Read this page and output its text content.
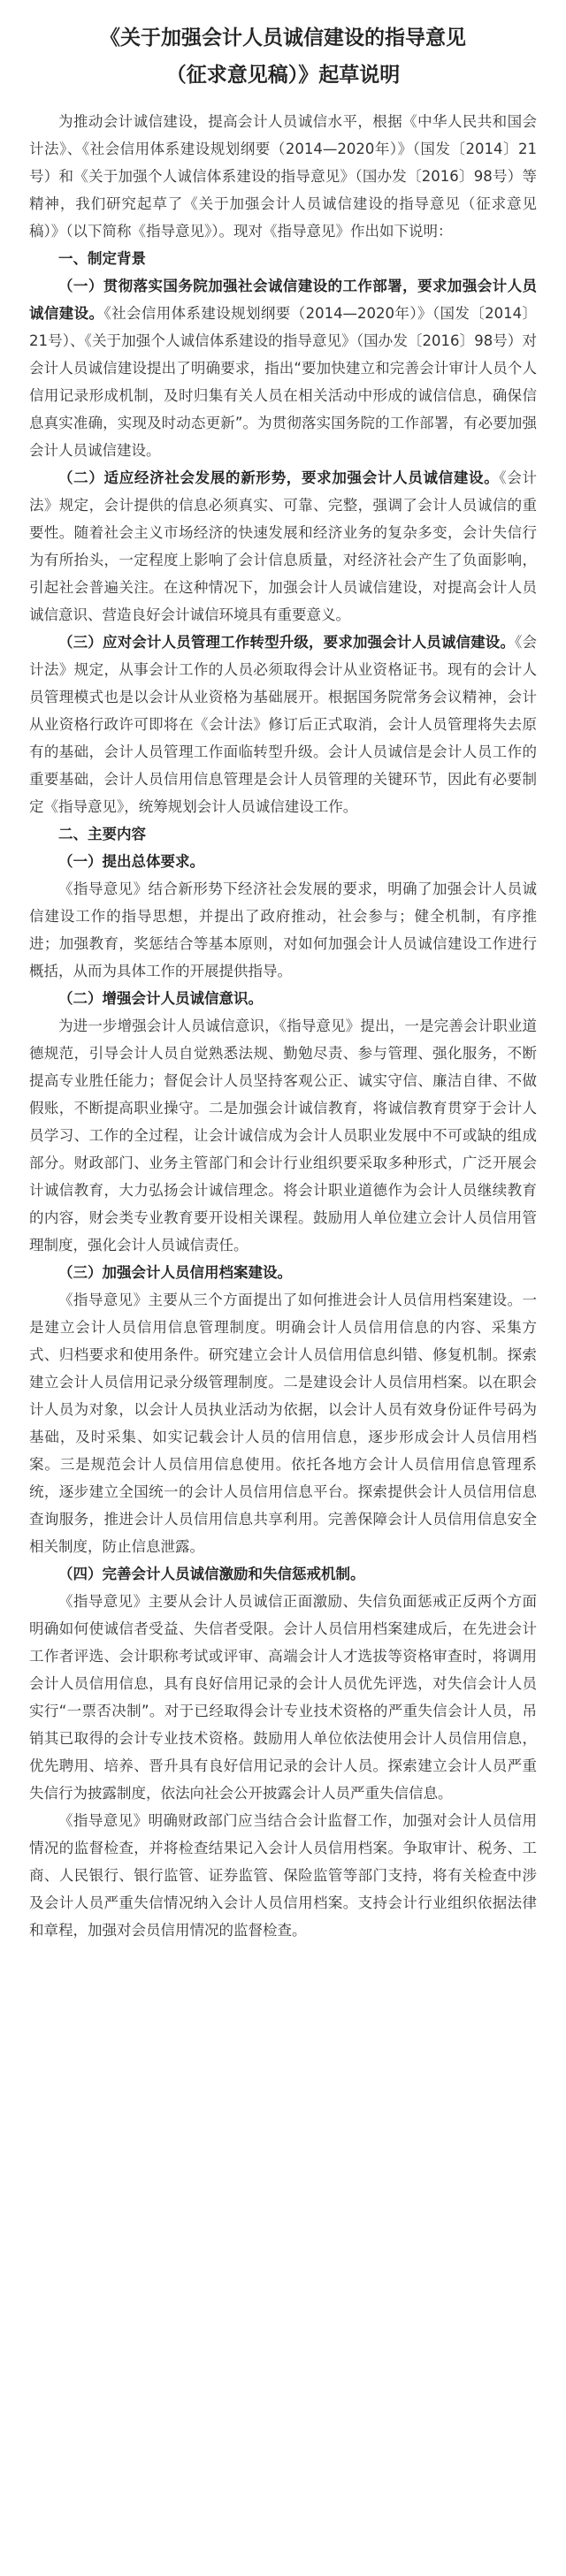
《关于加强会计人员诚信建设的指导意见
（征求意见稿）》起草说明

为推动会计诚信建设，提高会计人员诚信水平，根据《中华人民共和国会计法》、《社会信用体系建设规划纲要（2014—2020年）》（国发〔2014〕21号）和《关于加强个人诚信体系建设的指导意见》（国办发〔2016〕98号）等精神，我们研究起草了《关于加强会计人员诚信建设的指导意见（征求意见稿）》（以下简称《指导意见》）。现对《指导意见》作出如下说明：

一、制定背景

（一）贯彻落实国务院加强社会诚信建设的工作部署，要求加强会计人员诚信建设。《社会信用体系建设规划纲要（2014—2020年）》（国发〔2014〕21号）、《关于加强个人诚信体系建设的指导意见》（国办发〔2016〕98号）对会计人员诚信建设提出了明确要求，指出“要加快建立和完善会计审计人员个人信用记录形成机制，及时归集有关人员在相关活动中形成的诚信信息，确保信息真实准确，实现及时动态更新”。为贯彻落实国务院的工作部署，有必要加强会计人员诚信建设。

（二）适应经济社会发展的新形势，要求加强会计人员诚信建设。《会计法》规定，会计提供的信息必须真实、可靠、完整，强调了会计人员诚信的重要性。随着社会主义市场经济的快速发展和经济业务的复杂多变，会计失信行为有所抬头，一定程度上影响了会计信息质量，对经济社会产生了负面影响，引起社会普遍关注。在这种情况下，加强会计人员诚信建设，对提高会计人员诚信意识、营造良好会计诚信环境具有重要意义。

（三）应对会计人员管理工作转型升级，要求加强会计人员诚信建设。《会计法》规定，从事会计工作的人员必须取得会计从业资格证书。现有的会计人员管理模式也是以会计从业资格为基础展开。根据国务院常务会议精神，会计从业资格行政许可即将在《会计法》修订后正式取消，会计人员管理将失去原有的基础，会计人员管理工作面临转型升级。会计人员诚信是会计人员工作的重要基础，会计人员信用信息管理是会计人员管理的关键环节，因此有必要制定《指导意见》，统筹规划会计人员诚信建设工作。

二、主要内容

（一）提出总体要求。

《指导意见》结合新形势下经济社会发展的要求，明确了加强会计人员诚信建设工作的指导思想，并提出了政府推动，社会参与；健全机制，有序推进；加强教育，奖惩结合等基本原则，对如何加强会计人员诚信建设工作进行概括，从而为具体工作的开展提供指导。

（二）增强会计人员诚信意识。

为进一步增强会计人员诚信意识，《指导意见》提出，一是完善会计职业道德规范，引导会计人员自觉熟悉法规、勤勉尽责、参与管理、强化服务，不断提高专业胜任能力；督促会计人员坚持客观公正、诚实守信、廉洁自律、不做假账，不断提高职业操守。二是加强会计诚信教育，将诚信教育贯穿于会计人员学习、工作的全过程，让会计诚信成为会计人员职业发展中不可或缺的组成部分。财政部门、业务主管部门和会计行业组织要采取多种形式，广泛开展会计诚信教育，大力弘扬会计诚信理念。将会计职业道德作为会计人员继续教育的内容，财会类专业教育要开设相关课程。鼓励用人单位建立会计人员信用管理制度，强化会计人员诚信责任。

（三）加强会计人员信用档案建设。

《指导意见》主要从三个方面提出了如何推进会计人员信用档案建设。一是建立会计人员信用信息管理制度。明确会计人员信用信息的内容、采集方式、归档要求和使用条件。研究建立会计人员信用信息纠错、修复机制。探索建立会计人员信用记录分级管理制度。二是建设会计人员信用档案。以在职会计人员为对象，以会计人员执业活动为依据，以会计人员有效身份证件号码为基础，及时采集、如实记载会计人员的信用信息，逐步形成会计人员信用档案。三是规范会计人员信用信息使用。依托各地方会计人员信用信息管理系统，逐步建立全国统一的会计人员信用信息平台。探索提供会计人员信用信息查询服务，推进会计人员信用信息共享利用。完善保障会计人员信用信息安全相关制度，防止信息泄露。

（四）完善会计人员诚信激励和失信惩戒机制。

《指导意见》主要从会计人员诚信正面激励、失信负面惩戒正反两个方面明确如何使诚信者受益、失信者受限。会计人员信用档案建成后，在先进会计工作者评选、会计职称考试或评审、高端会计人才选拔等资格审查时，将调用会计人员信用信息，具有良好信用记录的会计人员优先评选，对失信会计人员实行“一票否决制”。对于已经取得会计专业技术资格的严重失信会计人员，吊销其已取得的会计专业技术资格。鼓励用人单位依法使用会计人员信用信息，优先聘用、培养、晋升具有良好信用记录的会计人员。探索建立会计人员严重失信行为披露制度，依法向社会公开披露会计人员严重失信信息。

《指导意见》明确财政部门应当结合会计监督工作，加强对会计人员信用情况的监督检查，并将检查结果记入会计人员信用档案。争取审计、税务、工商、人民银行、银行监管、证券监管、保险监管等部门支持，将有关检查中涉及会计人员严重失信情况纳入会计人员信用档案。支持会计行业组织依据法律和章程，加强对会员信用情况的监督检查。
